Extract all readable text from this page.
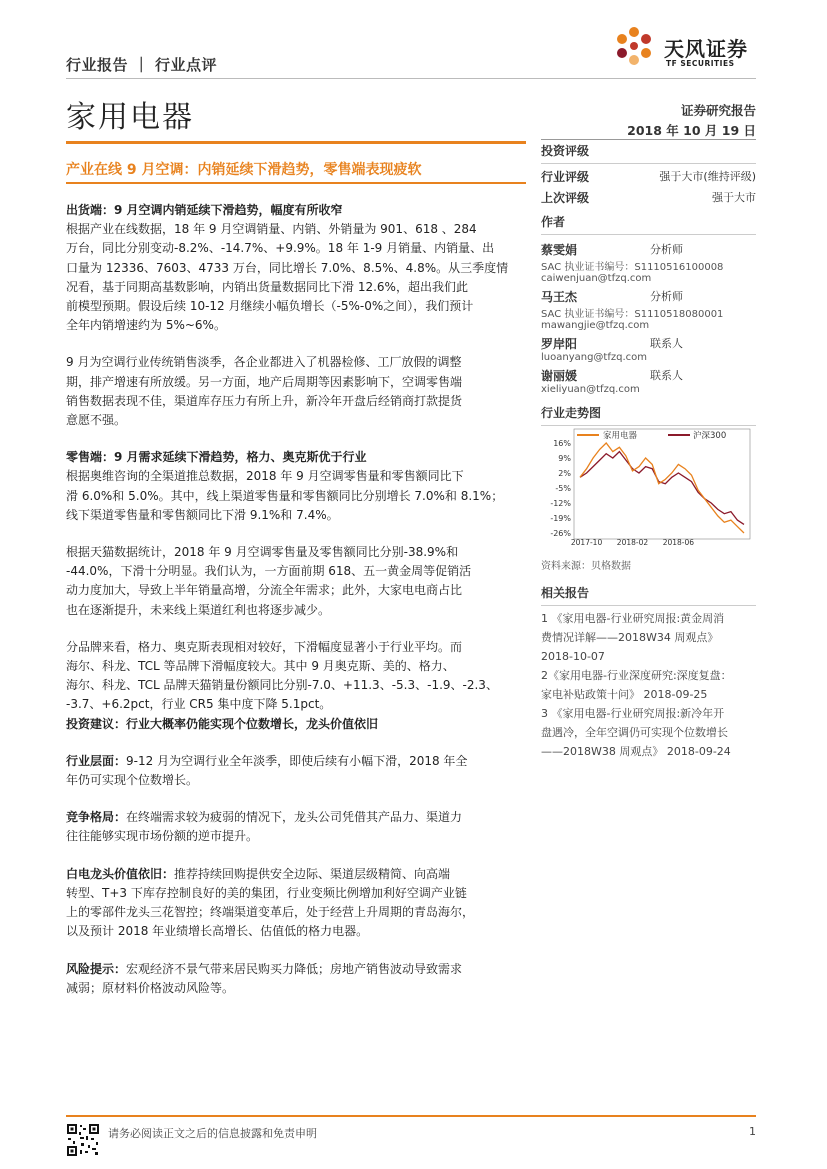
行业报告 ｜ 行业点评
天风证券
TF SECURITIES
家用电器	证券研究报告
2018 年 10 月 19 日
产业在线 9 月空调：内销延续下滑趋势，零售端表现疲软

出货端：9 月空调内销延续下滑趋势，幅度有所收窄

根据产业在线数据，18 年 9 月空调销量、内销、外销量为 901、618 、284

万台，同比分别变动-8.2%、-14.7%、+9.9%。18 年 1-9 月销量、内销量、出

口量为 12336、7603、4733 万台，同比增长 7.0%、8.5%、4.8%。从三季度情

况看，基于同期高基数影响，内销出货量数据同比下滑 12.6%，超出我们此

前模型预期。假设后续 10-12 月继续小幅负增长（-5%-0%之间），我们预计

全年内销增速约为 5%~6%。

9 月为空调行业传统销售淡季，各企业都进入了机器检修、工厂放假的调整

期，排产增速有所放缓。另一方面，地产后周期等因素影响下，空调零售端

销售数据表现不佳，渠道库存压力有所上升，新冷年开盘后经销商打款提货

意愿不强。

零售端：9 月需求延续下滑趋势，格力、奥克斯优于行业

根据奥维咨询的全渠道推总数据，2018 年 9 月空调零售量和零售额同比下

滑 6.0%和 5.0%。其中，线上渠道零售量和零售额同比分别增长 7.0%和 8.1%；

线下渠道零售量和零售额同比下滑 9.1%和 7.4%。

根据天猫数据统计，2018 年 9 月空调零售量及零售额同比分别-38.9%和

-44.0%，下滑十分明显。我们认为，一方面前期 618、五一黄金周等促销活

动力度加大，导致上半年销量高增，分流全年需求；此外，大家电电商占比

也在逐渐提升，未来线上渠道红利也将逐步减少。

分品牌来看，格力、奥克斯表现相对较好，下滑幅度显著小于行业平均。而

海尔、科龙、TCL 等品牌下滑幅度较大。其中 9 月奥克斯、美的、格力、

海尔、科龙、TCL 品牌天猫销量份额同比分别-7.0、+11.3、-5.3、-1.9、-2.3、

-3.7、+6.2pct，行业 CR5 集中度下降 5.1pct。

投资建议：行业大概率仍能实现个位数增长，龙头价值依旧

行业层面：9-12 月为空调行业全年淡季，即使后续有小幅下滑，2018 年全

年仍可实现个位数增长。

竞争格局：在终端需求较为疲弱的情况下，龙头公司凭借其产品力、渠道力

往往能够实现市场份额的逆市提升。

白电龙头价值依旧：推荐持续回购提供安全边际、渠道层级精简、向高端

转型、T+3 下库存控制良好的美的集团，行业变频比例增加利好空调产业链

上的零部件龙头三花智控；终端渠道变革后，处于经营上升周期的青岛海尔，

以及预计 2018 年业绩增长高增长、估值低的格力电器。

风险提示：宏观经济不景气带来居民购买力降低；房地产销售波动导致需求

减弱；原材料价格波动风险等。

投资评级
行业评级	强于大市(维持评级)
上次评级	强于大市
作者
蔡雯娟	分析师
SAC 执业证书编号：S1110516100008
caiwenjuan@tfzq.com
马王杰	分析师
SAC 执业证书编号：S1110518080001
mawangjie@tfzq.com
罗岸阳	联系人
luoanyang@tfzq.com
谢丽媛	联系人
xieliyuan@tfzq.com
行业走势图
家用电器	沪深300
16%
9%
2%
-5%
-12%
-19%
-26%
2017-10 2018-02 2018-06
资料来源：贝格数据
相关报告
1 《家用电器-行业研究周报:黄金周消
费情况详解——2018W34 周观点》
2018-10-07
2《家用电器-行业深度研究:深度复盘：
家电补贴政策十问》 2018-09-25
3 《家用电器-行业研究周报:新冷年开
盘遇冷，全年空调仍可实现个位数增长
——2018W38 周观点》 2018-09-24
请务必阅读正文之后的信息披露和免责申明	1
